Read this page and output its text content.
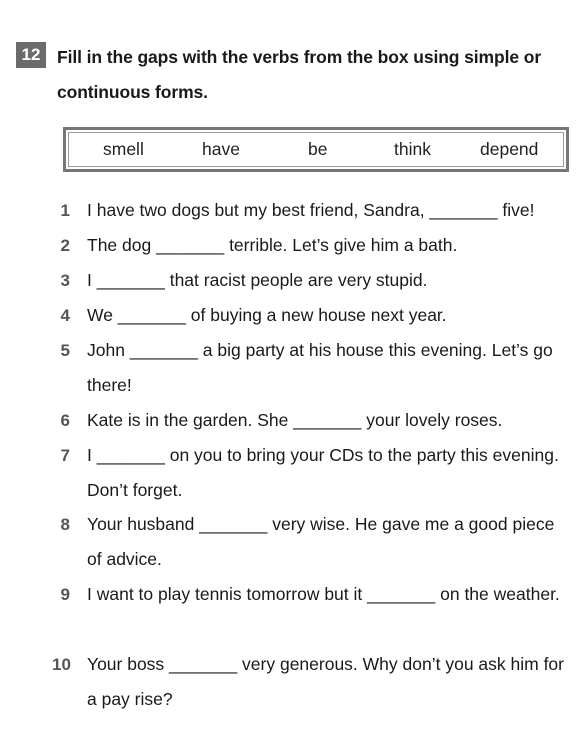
12 Fill in the gaps with the verbs from the box using simple or continuous forms.
smell	have	be	think	depend
1 I have two dogs but my best friend, Sandra, _______ five!
2 The dog _______ terrible. Let’s give him a bath.
3 I _______ that racist people are very stupid.
4 We _______ of buying a new house next year.
5 John _______ a big party at his house this evening. Let’s go there!
6 Kate is in the garden. She _______ your lovely roses.
7 I _______ on you to bring your CDs to the party this evening. Don’t forget.
8 Your husband _______ very wise. He gave me a good piece of advice.
9 I want to play tennis tomorrow but it _______ on the weather.
10 Your boss _______ very generous. Why don’t you ask him for a pay rise?
